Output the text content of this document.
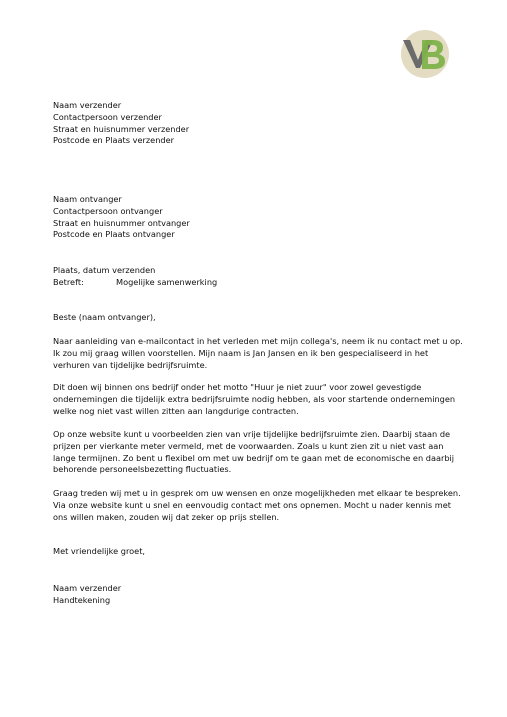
Naam verzender
Contactpersoon verzender
Straat en huisnummer verzender
Postcode en Plaats verzender
Naam ontvanger
Contactpersoon ontvanger
Straat en huisnummer ontvanger
Postcode en Plaats ontvanger
Plaats, datum verzenden
Betreft:	Mogelijke samenwerking
Beste (naam ontvanger),
Naar aanleiding van e-mailcontact in het verleden met mijn collega's, neem ik nu contact met u op. Ik zou mij graag willen voorstellen. Mijn naam is Jan Jansen en ik ben gespecialiseerd in het verhuren van tijdelijke bedrijfsruimte.
Dit doen wij binnen ons bedrijf onder het motto "Huur je niet zuur" voor zowel gevestigde ondernemingen die tijdelijk extra bedrijfsruimte nodig hebben, als voor startende ondernemingen welke nog niet vast willen zitten aan langdurige contracten.
Op onze website kunt u voorbeelden zien van vrije tijdelijke bedrijfsruimte zien. Daarbij staan de prijzen per vierkante meter vermeld, met de voorwaarden. Zoals u kunt zien zit u niet vast aan lange termijnen. Zo bent u flexibel om met uw bedrijf om te gaan met de economische en daarbij behorende personeelsbezetting fluctuaties.
Graag treden wij met u in gesprek om uw wensen en onze mogelijkheden met elkaar te bespreken. Via onze website kunt u snel en eenvoudig contact met ons opnemen. Mocht u nader kennis met ons willen maken, zouden wij dat zeker op prijs stellen.
Met vriendelijke groet,
Naam verzender
Handtekening
